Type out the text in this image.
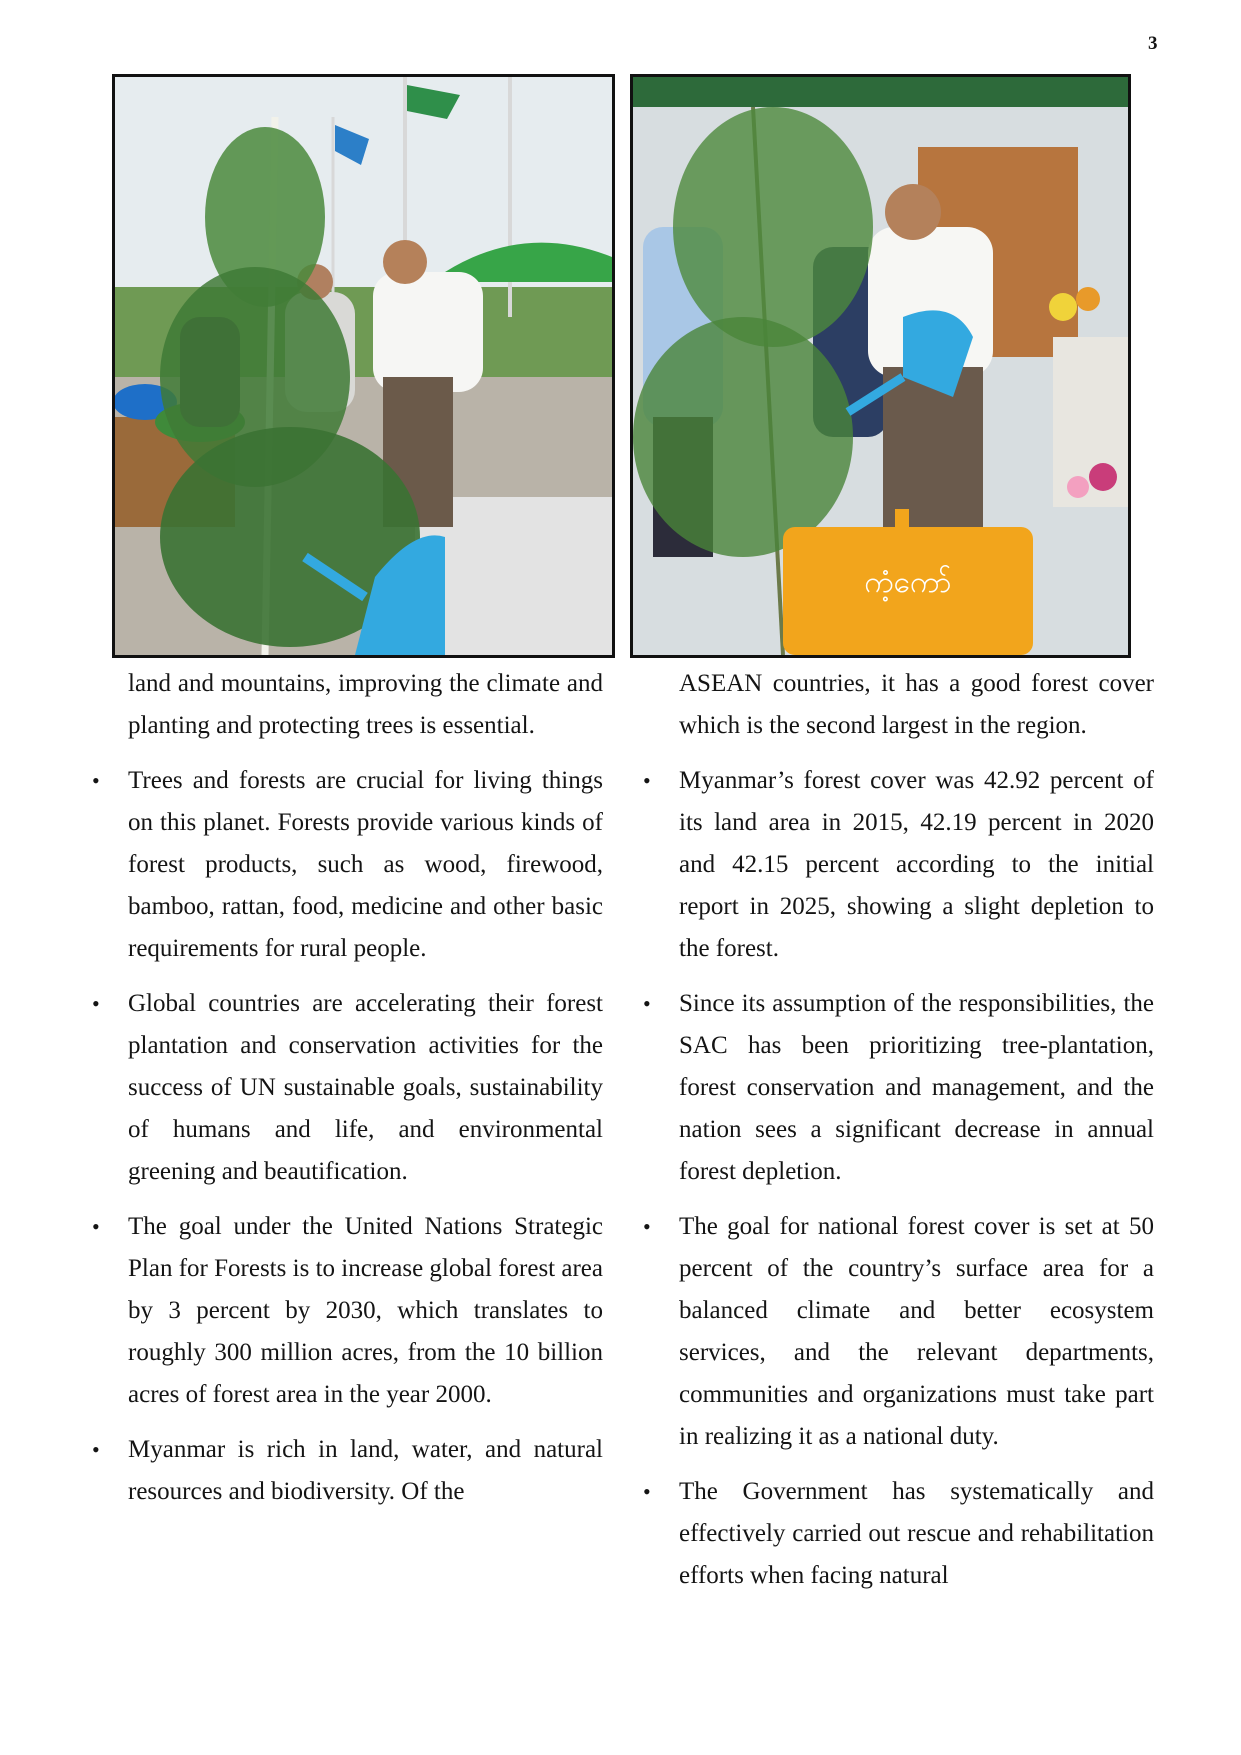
3
ကံ့ကော်

land and mountains, improving the climate and planting and protecting trees is essential.

• Trees and forests are crucial for living things on this planet. Forests provide various kinds of forest products, such as wood, firewood, bamboo, rattan, food, medicine and other basic requirements for rural people.

• Global countries are accelerating their forest plantation and conservation activities for the success of UN sustainable goals, sustainability of humans and life, and environmental greening and beautification.

• The goal under the United Nations Strategic Plan for Forests is to increase global forest area by 3 percent by 2030, which translates to roughly 300 million acres, from the 10 billion acres of forest area in the year 2000.

• Myanmar is rich in land, water, and natural resources and biodiversity. Of the

ASEAN countries, it has a good forest cover which is the second largest in the region.

• Myanmar’s forest cover was 42.92 percent of its land area in 2015, 42.19 percent in 2020 and 42.15 percent according to the initial report in 2025, showing a slight depletion to the forest.

• Since its assumption of the responsibilities, the SAC has been prioritizing tree-plantation, forest conservation and management, and the nation sees a significant decrease in annual forest depletion.

• The goal for national forest cover is set at 50 percent of the country’s surface area for a balanced climate and better ecosystem services, and the relevant departments, communities and organizations must take part in realizing it as a national duty.

• The Government has systematically and effectively carried out rescue and rehabilitation efforts when facing natural
